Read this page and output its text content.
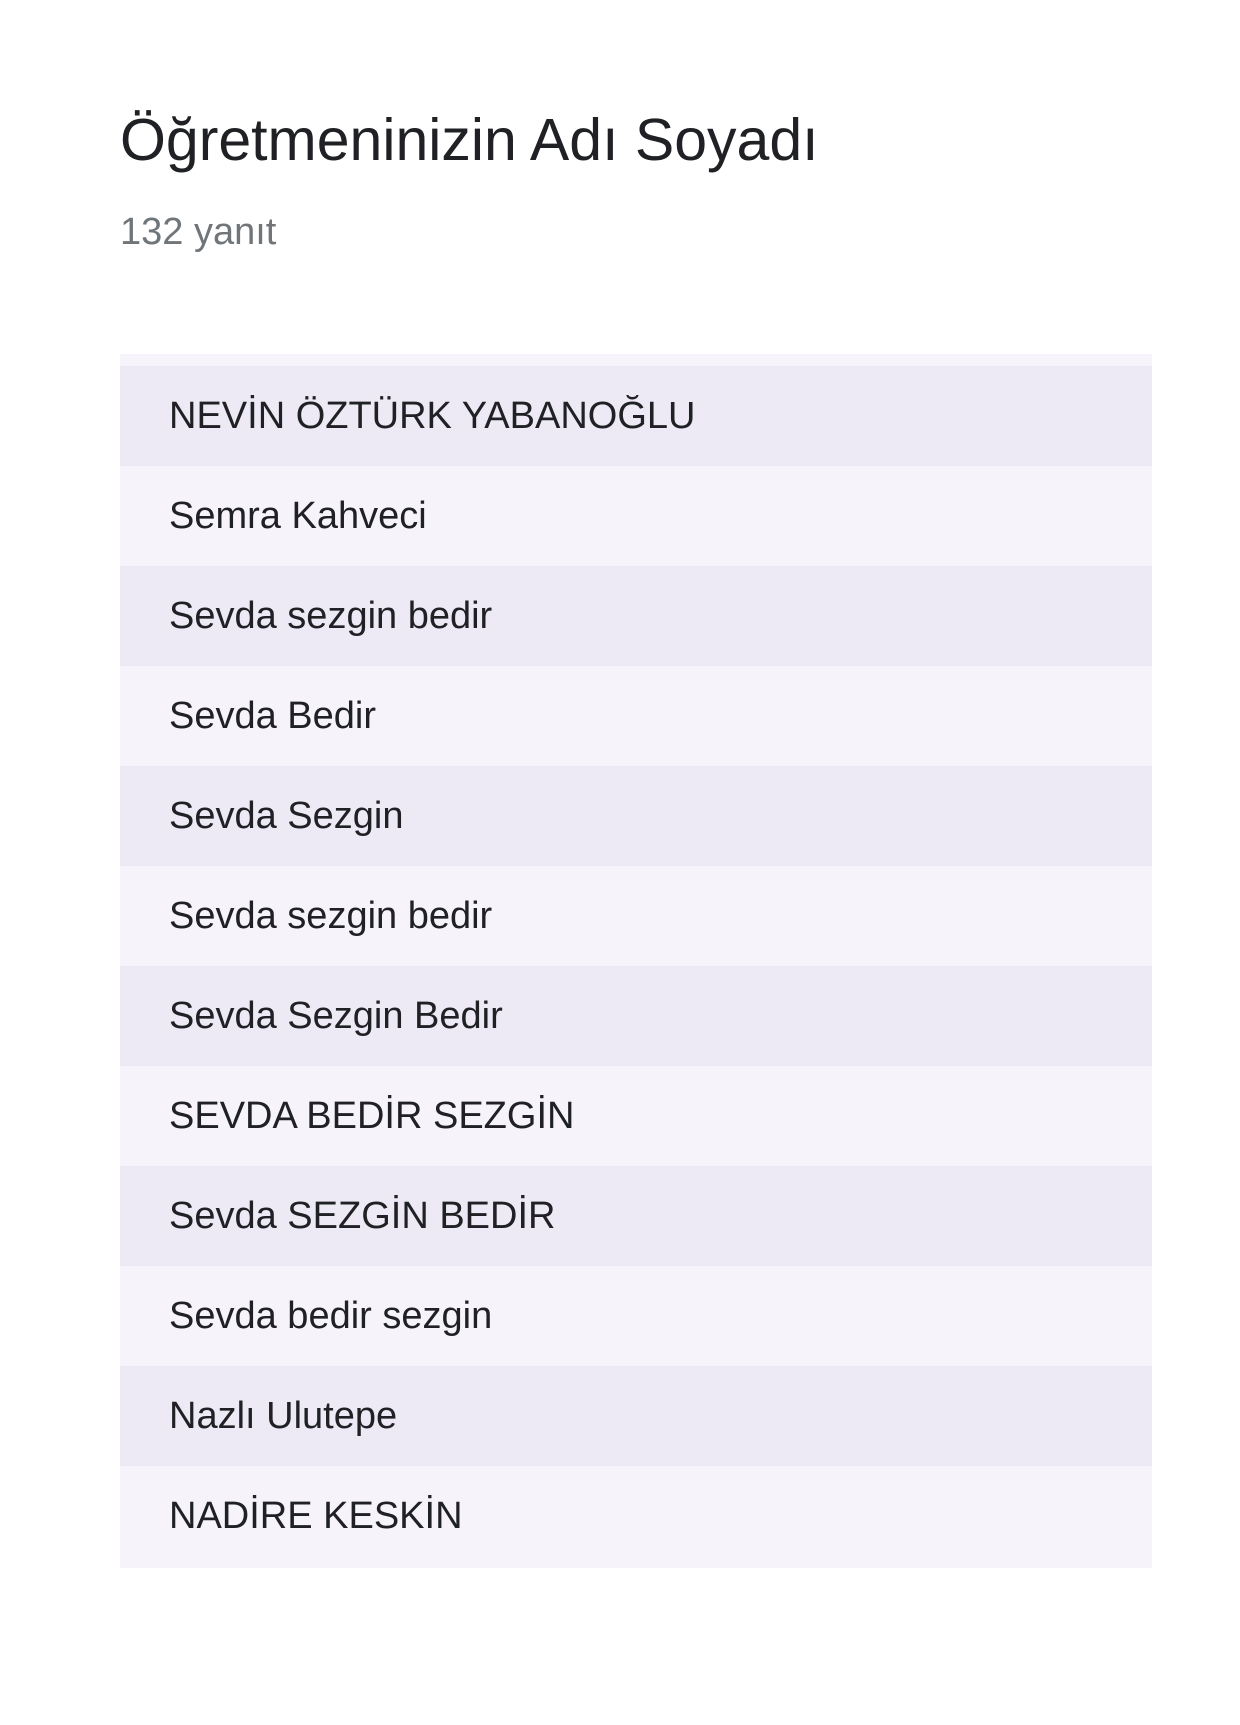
Öğretmeninizin Adı Soyadı

132 yanıt

NEVİN ÖZTÜRK YABANOĞLU
Semra Kahveci
Sevda sezgin bedir
Sevda Bedir
Sevda Sezgin
Sevda sezgin bedir
Sevda Sezgin Bedir
SEVDA BEDİR SEZGİN
Sevda SEZGİN BEDİR
Sevda bedir sezgin
Nazlı Ulutepe
NADİRE KESKİN
